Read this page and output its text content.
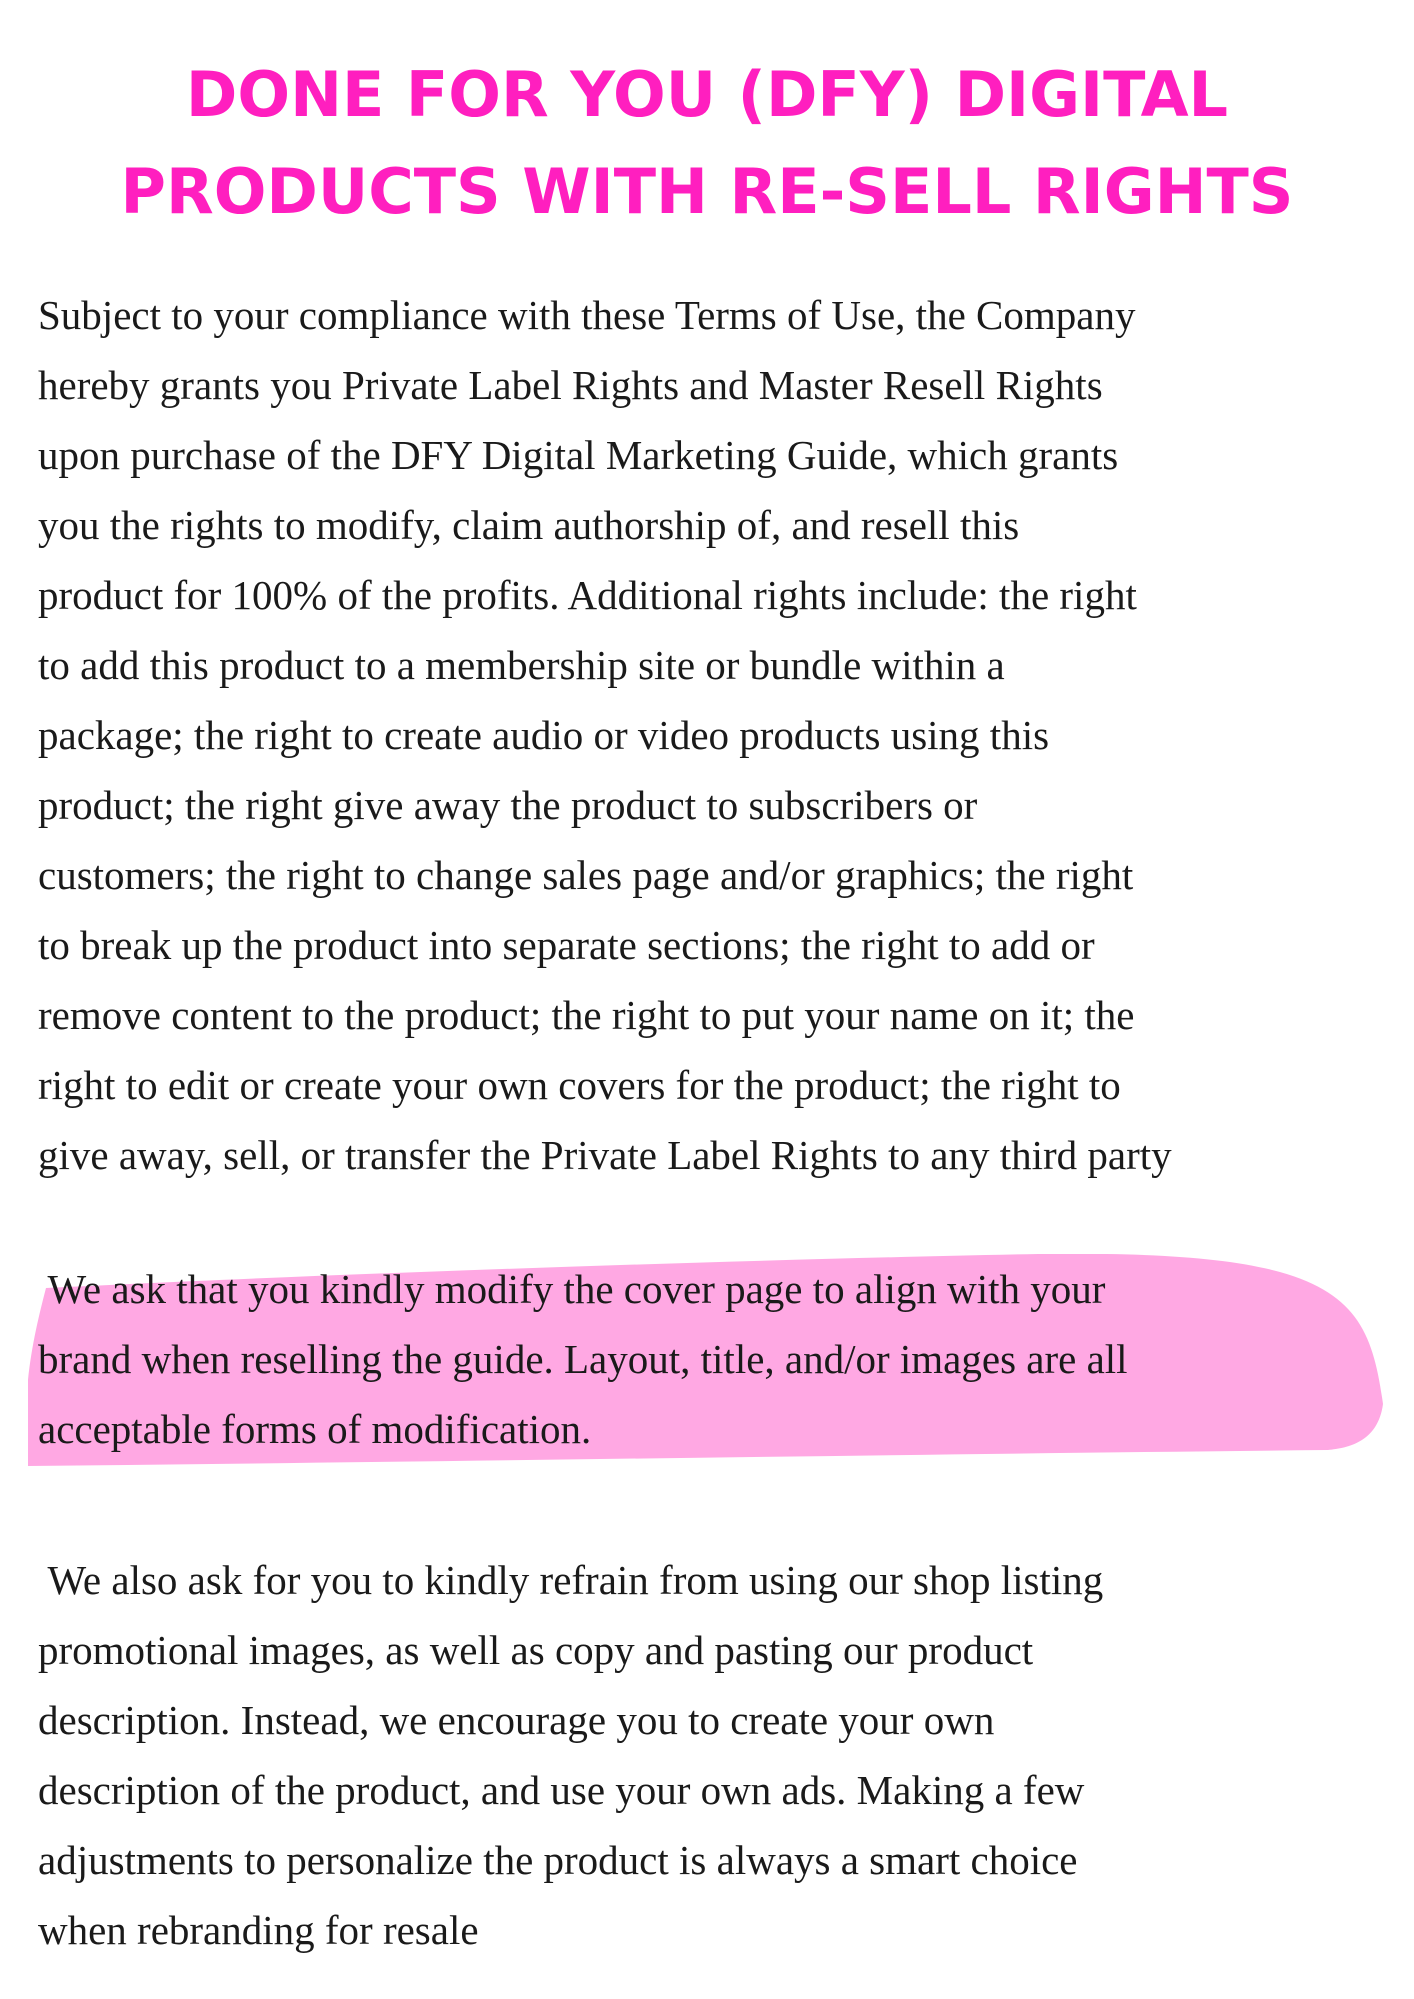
DONE FOR YOU (DFY) DIGITAL
PRODUCTS WITH RE-SELL RIGHTS

Subject to your compliance with these Terms of Use, the Company
hereby grants you Private Label Rights and Master Resell Rights
upon purchase of the DFY Digital Marketing Guide, which grants
you the rights to modify, claim authorship of, and resell this
product for 100% of the profits. Additional rights include: the right
to add this product to a membership site or bundle within a
package; the right to create audio or video products using this
product; the right give away the product to subscribers or
customers; the right to change sales page and/or graphics; the right
to break up the product into separate sections; the right to add or
remove content to the product; the right to put your name on it; the
right to edit or create your own covers for the product; the right to
give away, sell, or transfer the Private Label Rights to any third party

We ask that you kindly modify the cover page to align with your
brand when reselling the guide. Layout, title, and/or images are all
acceptable forms of modification.

We also ask for you to kindly refrain from using our shop listing
promotional images, as well as copy and pasting our product
description. Instead, we encourage you to create your own
description of the product, and use your own ads. Making a few
adjustments to personalize the product is always a smart choice
when rebranding for resale
